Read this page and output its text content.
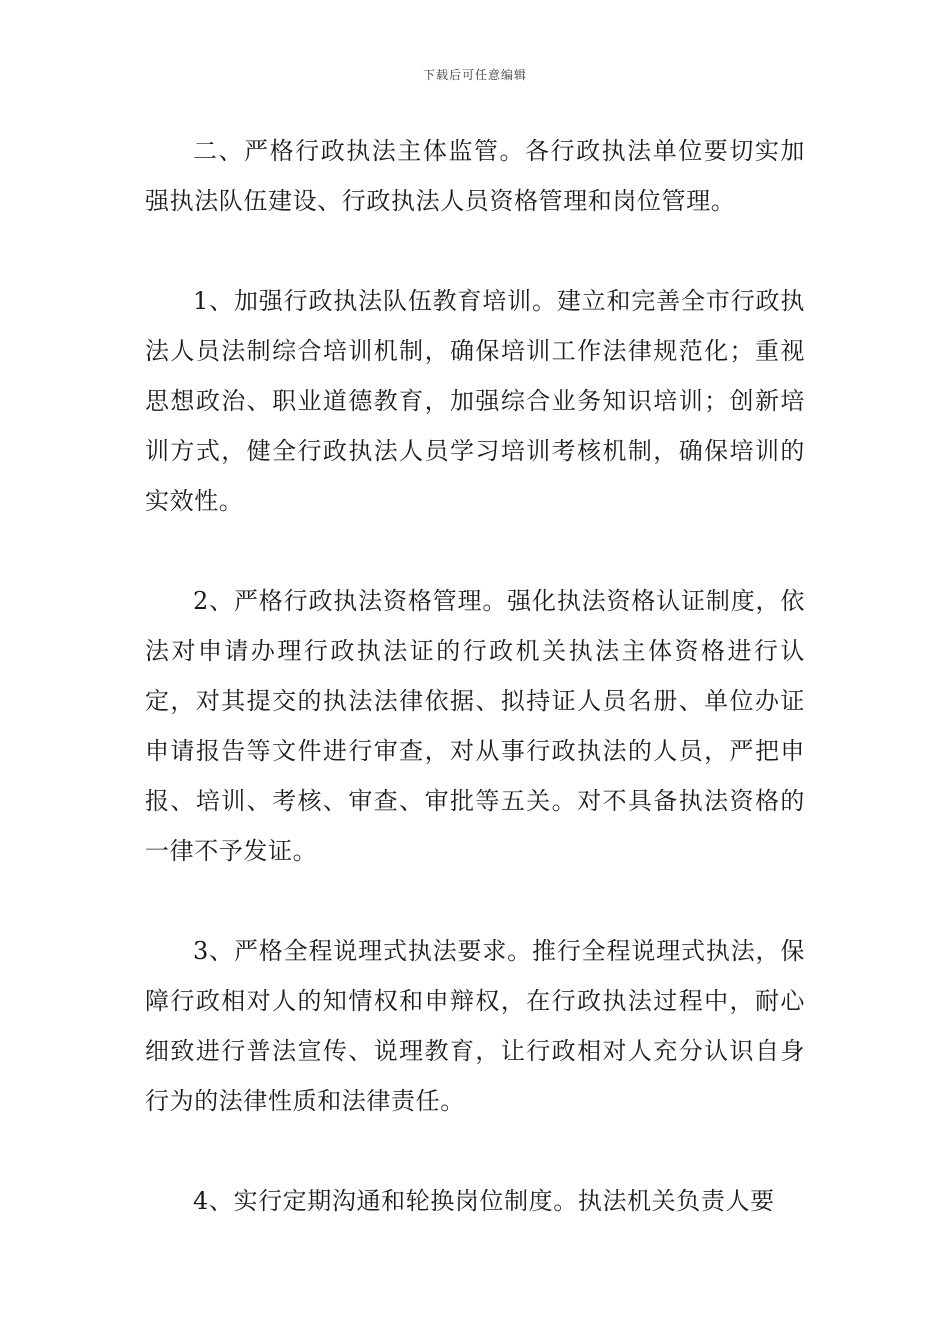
下载后可任意编辑

二、严格行政执法主体监管。各行政执法单位要切实加强执法队伍建设、行政执法人员资格管理和岗位管理。

1、加强行政执法队伍教育培训。建立和完善全市行政执法人员法制综合培训机制，确保培训工作法律规范化；重视思想政治、职业道德教育，加强综合业务知识培训；创新培训方式，健全行政执法人员学习培训考核机制，确保培训的实效性。

2、严格行政执法资格管理。强化执法资格认证制度，依法对申请办理行政执法证的行政机关执法主体资格进行认定，对其提交的执法法律依据、拟持证人员名册、单位办证申请报告等文件进行审查，对从事行政执法的人员，严把申报、培训、考核、审查、审批等五关。对不具备执法资格的一律不予发证。

3、严格全程说理式执法要求。推行全程说理式执法，保障行政相对人的知情权和申辩权，在行政执法过程中，耐心细致进行普法宣传、说理教育，让行政相对人充分认识自身行为的法律性质和法律责任。

4、实行定期沟通和轮换岗位制度。执法机关负责人要
